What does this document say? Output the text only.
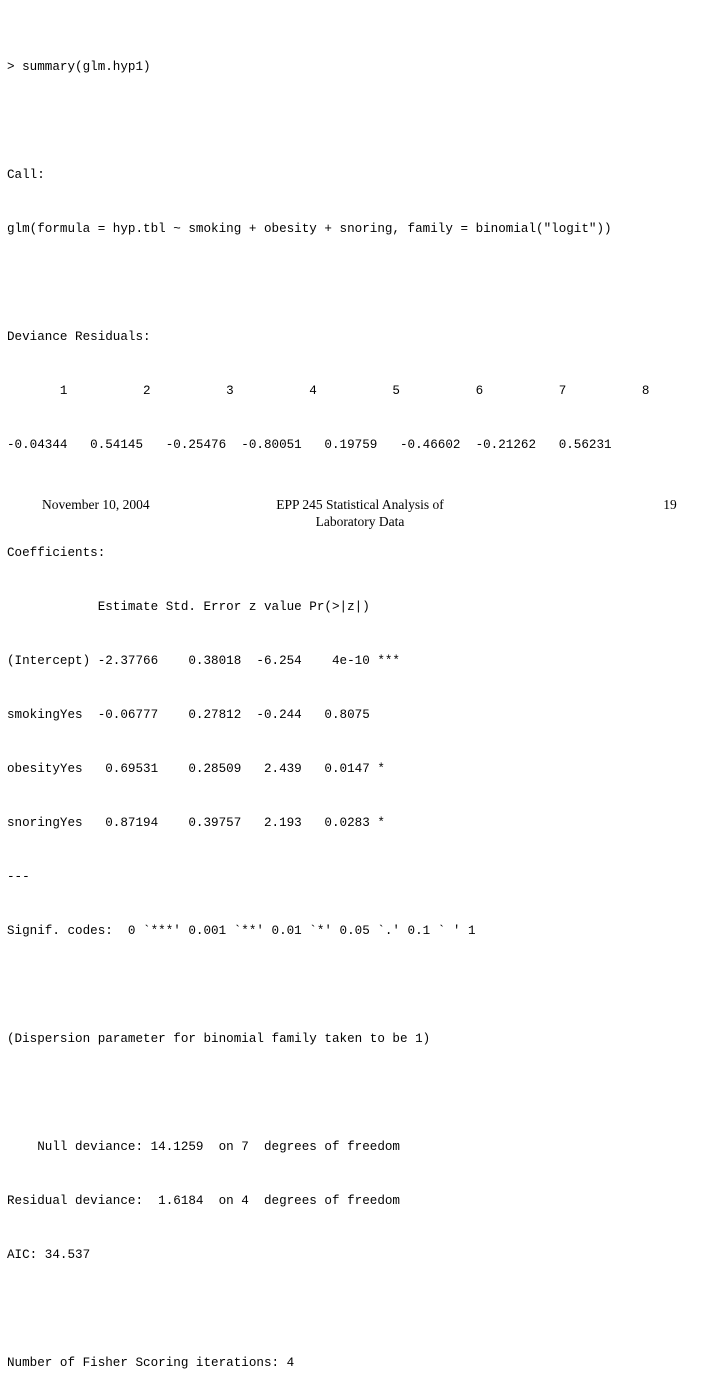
> summary(glm.hyp1)

Call:

glm(formula = hyp.tbl ~ smoking + obesity + snoring, family = binomial("logit"))

Deviance Residuals:

1          2          3          4          5          6          7          8

-0.04344   0.54145   -0.25476  -0.80051   0.19759   -0.46602  -0.21262   0.56231

Coefficients:

Estimate Std. Error z value Pr(>|z|)

(Intercept) -2.37766    0.38018  -6.254    4e-10 ***

smokingYes  -0.06777    0.27812  -0.244   0.8075

obesityYes   0.69531    0.28509   2.439   0.0147 *

snoringYes   0.87194    0.39757   2.193   0.0283 *

---

Signif. codes:  0 `***' 0.001 `**' 0.01 `*' 0.05 `.' 0.1 ` ' 1

(Dispersion parameter for binomial family taken to be 1)

Null deviance: 14.1259  on 7  degrees of freedom

Residual deviance:  1.6184  on 4  degrees of freedom

AIC: 34.537

Number of Fisher Scoring iterations: 4

November 10, 2004	EPP 245 Statistical Analysis of
Laboratory Data
19
